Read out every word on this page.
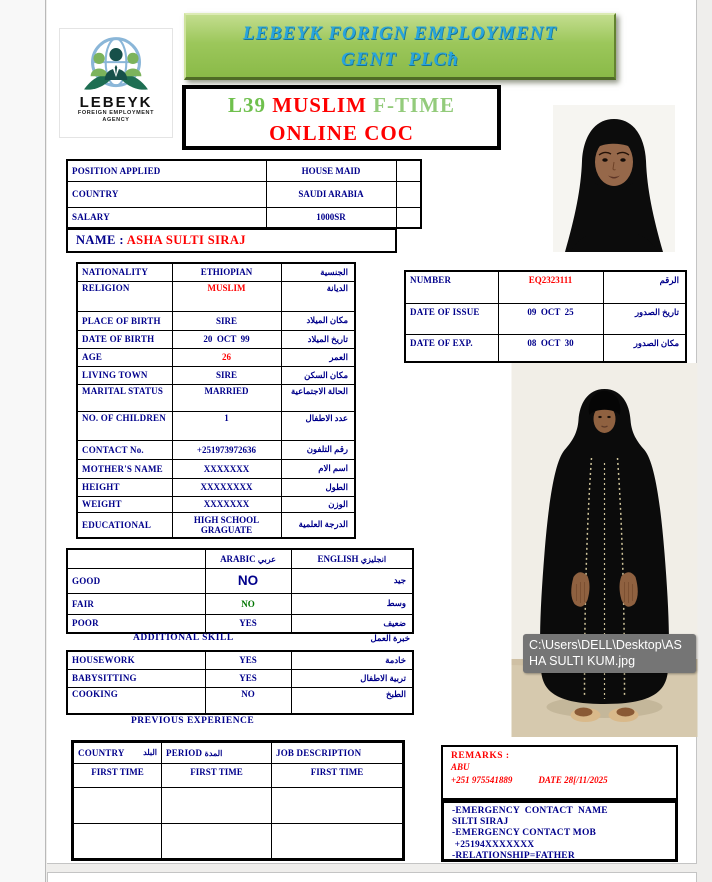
LEBEYK
FOREIGN EMPLOYMENT
AGENCY
LEBEYK FORIGN EMPLOYMENT
GENT  PLCћ
L39 MUSLIM F-TIME
ONLINE COC
POSITION APPLIED	HOUSE MAID	
COUNTRY	SAUDI ARABIA	
SALARY	1000SR	
NAME : ASHA SULTI SIRAJ
NATIONALITY	ETHIOPIAN	الجنسية
RELIGION	MUSLIM	الديانة
PLACE OF BIRTH	SIRE	مكان الميلاد
DATE OF BIRTH	20  OCT  99	تاريخ الميلاد
AGE	26	العمر
LIVING TOWN	SIRE	مكان السكن
MARITAL STATUS	MARRIED	الحالة الاجتماعية
NO. OF CHILDREN	1	عدد الاطفال
CONTACT No.	+251973972636	رقم التلفون
MOTHER'S NAME	XXXXXXX	اسم الام
HEIGHT	XXXXXXXX	الطول
WEIGHT	XXXXXXX	الوزن
EDUCATIONAL	HIGH SCHOOL GRAGUATE	الدرجة العلمية
NUMBER	EQ2323111	الرقم
DATE OF ISSUE	09  OCT  25	تاريخ الصدور
DATE OF EXP.	08  OCT  30	مكان الصدور
C:\Users\DELL\Desktop\ASHA SULTI KUM.jpg
	ARABIC عربي	ENGLISH انجليزي
GOOD	NO	جيد
FAIR	NO	وسط
POOR	YES	ضعيف
ADDITIONAL SKILL	خبرة العمل
HOUSEWORK	YES	خادمة
BABYSITTING	YES	تربية الاطفال
COOKING	NO	الطبخ
PREVIOUS EXPERIENCE
COUNTRY البلد	PERIOD المدة	JOB DESCRIPTION
FIRST TIME	FIRST TIME	FIRST TIME

REMARKS :
ABU
+251 975541889	DATE 28[/11/2025
-EMERGENCY  CONTACT  NAME
SILTI SIRAJ
-EMERGENCY CONTACT MOB
+25194XXXXXXX
-RELATIONSHIP=FATHER
